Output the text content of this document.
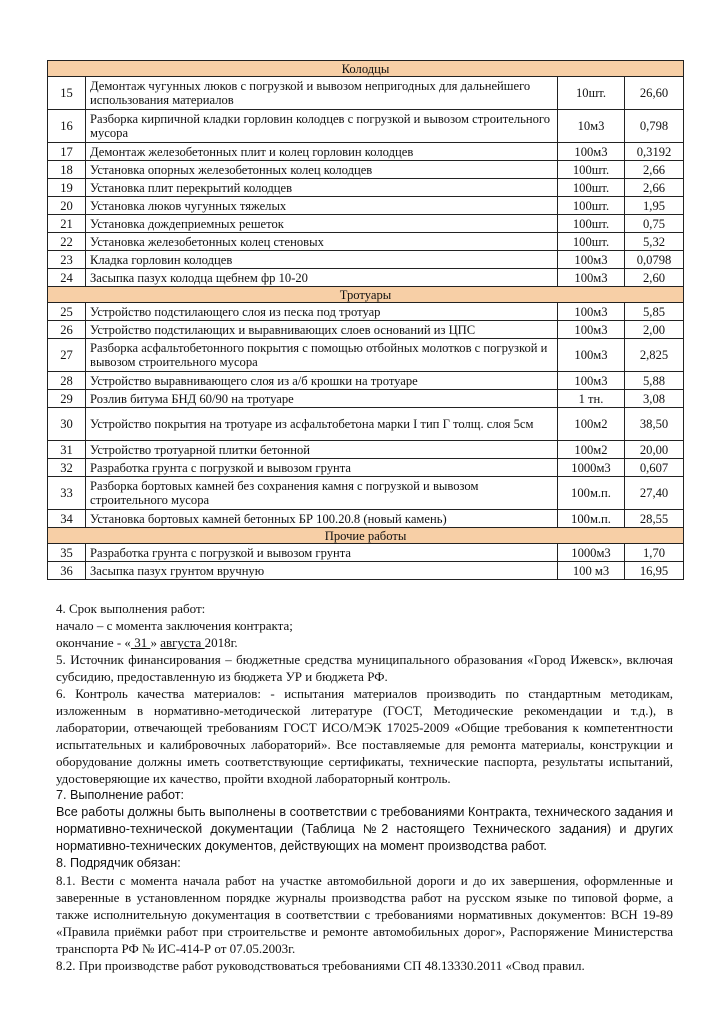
Колодцы			
15	Демонтаж чугунных люков с погрузкой и вывозом непригодных для дальнейшего использования материалов	10шт.	26,60
16	Разборка кирпичной кладки горловин колодцев с погрузкой и вывозом строительного мусора	10м3	0,798
17	Демонтаж железобетонных плит и колец горловин колодцев	100м3	0,3192
18	Установка опорных железобетонных колец колодцев	100шт.	2,66
19	Установка плит перекрытий колодцев	100шт.	2,66
20	Установка люков чугунных тяжелых	100шт.	1,95
21	Установка дождеприемных решеток	100шт.	0,75
22	Установка железобетонных колец стеновых	100шт.	5,32
23	Кладка горловин колодцев	100м3	0,0798
24	Засыпка пазух колодца щебнем фр 10-20	100м3	2,60
Тротуары			
25	Устройство подстилающего слоя из песка под тротуар	100м3	5,85
26	Устройство подстилающих и выравнивающих слоев оснований из ЦПС	100м3	2,00
27	Разборка асфальтобетонного покрытия с помощью отбойных молотков с погрузкой и вывозом строительного мусора	100м3	2,825
28	Устройство выравнивающего слоя из а/б крошки на тротуаре	100м3	5,88
29	Розлив битума БНД 60/90 на тротуаре	1 тн.	3,08
30	Устройство покрытия на тротуаре из асфальтобетона марки I тип Г толщ. слоя 5см	100м2	38,50
31	Устройство тротуарной плитки бетонной	100м2	20,00
32	Разработка грунта с погрузкой и вывозом грунта	1000м3	0,607
33	Разборка бортовых камней без сохранения камня с погрузкой и вывозом строительного мусора	100м.п.	27,40
34	Установка бортовых камней бетонных БР 100.20.8 (новый камень)	100м.п.	28,55
Прочие работы			
35	Разработка грунта с погрузкой и вывозом грунта	1000м3	1,70
36	Засыпка пазух грунтом вручную	100 м3	16,95

4. Срок выполнения работ:

начало – с момента заключения контракта;

окончание - « 31 » августа 2018г.

5. Источник финансирования – бюджетные средства муниципального образования «Город Ижевск», включая субсидию, предоставленную из бюджета УР и бюджета РФ.

6. Контроль качества материалов: - испытания материалов производить по стандартным методикам, изложенным в нормативно-методической литературе (ГОСТ, Методические рекомендации и т.д.), в лаборатории, отвечающей требованиям ГОСТ ИСО/МЭК 17025-2009 «Общие требования к компетентности испытательных и калибровочных лабораторий». Все поставляемые для ремонта материалы, конструкции и оборудование должны иметь соответствующие сертификаты, технические паспорта, результаты испытаний, удостоверяющие их качество, пройти входной лабораторный контроль.

7. Выполнение работ:

Все работы должны быть выполнены в соответствии с требованиями Контракта, технического задания и нормативно-технической документации (Таблица №2 настоящего Технического задания) и других нормативно-технических документов, действующих на момент производства работ.

8. Подрядчик обязан:

8.1. Вести с момента начала работ на участке автомобильной дороги и до их завершения, оформленные и заверенные в установленном порядке журналы производства работ на русском языке по типовой форме, а также исполнительную документация в соответствии с требованиями нормативных документов: ВСН 19-89 «Правила приёмки работ при строительстве и ремонте автомобильных дорог», Распоряжение Министерства транспорта РФ № ИС-414-Р от 07.05.2003г.

8.2. При производстве работ руководствоваться требованиями СП 48.13330.2011 «Свод правил.
